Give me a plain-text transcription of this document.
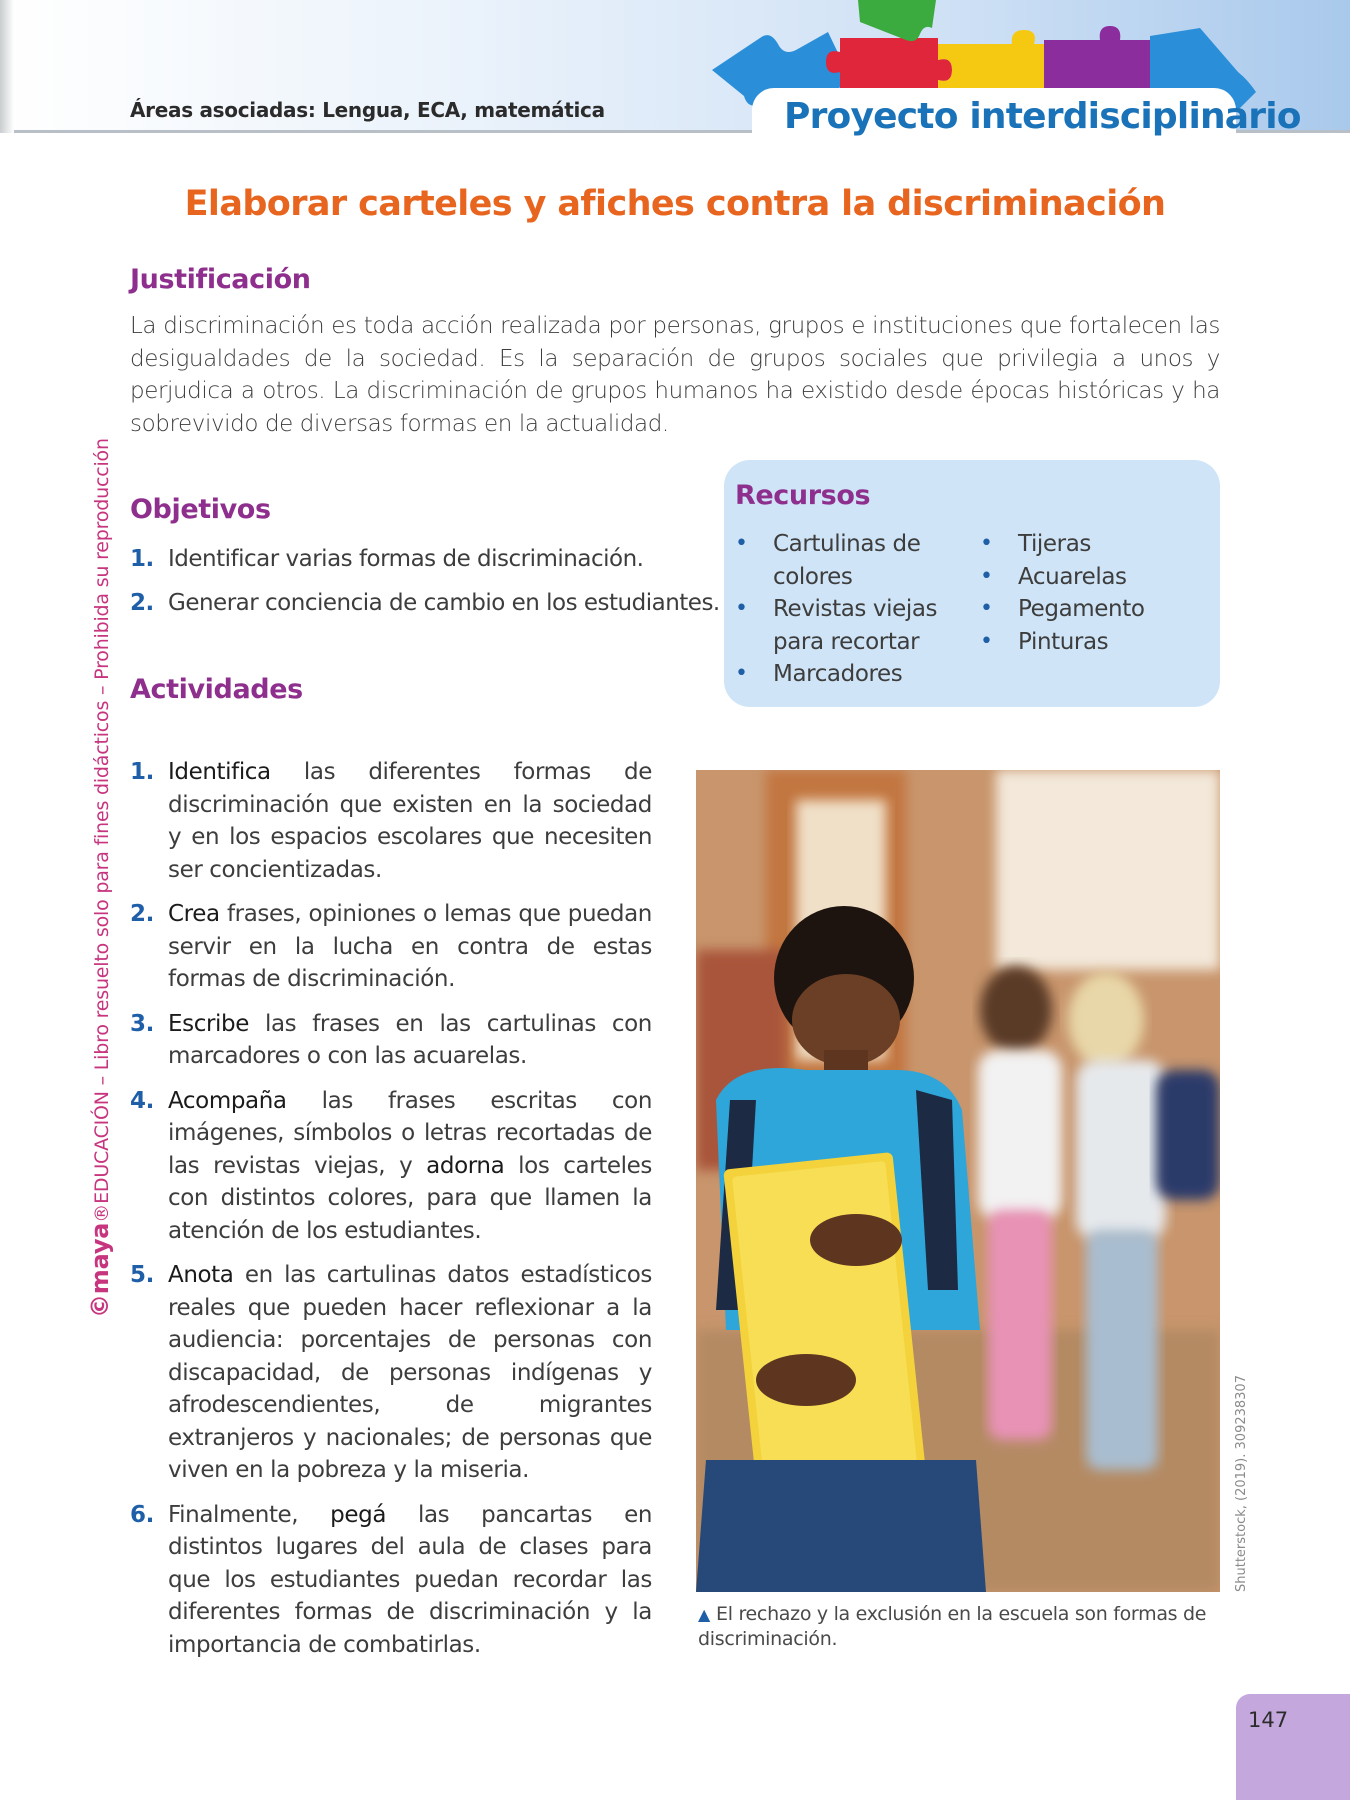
Áreas asociadas: Lengua, ECA, matemática	Proyecto interdisciplinario
©maya®EDUCACIÓN – Libro resuelto solo para fines didácticos – Prohibida su reproducción
Elaborar carteles y afiches contra la discriminación
Justificación
La discriminación es toda acción realizada por personas, grupos e instituciones que fortalecen las desigualdades de la sociedad. Es la separación de grupos sociales que privilegia a unos y perjudica a otros. La discriminación de grupos humanos ha existido desde épocas históricas y ha sobrevivido de diversas formas en la actualidad.
Objetivos
1. Identificar varias formas de discriminación.
2. Generar conciencia de cambio en los estudiantes.
Recursos
• Cartulinas de colores
• Revistas viejas para recortar
• Marcadores
• Tijeras
• Acuarelas
• Pegamento
• Pinturas
Actividades
1. Identifica las diferentes formas de discriminación que existen en la sociedad y en los espacios escolares que necesiten ser concientizadas.
2. Crea frases, opiniones o lemas que puedan servir en la lucha en contra de estas formas de discriminación.
3. Escribe las frases en las cartulinas con marcadores o con las acuarelas.
4. Acompaña las frases escritas con imágenes, símbolos o letras recortadas de las revistas viejas, y adorna los carteles con distintos colores, para que llamen la atención de los estudiantes.
5. Anota en las cartulinas datos estadísticos reales que pueden hacer reflexionar a la audiencia: porcentajes de personas con discapacidad, de personas indígenas y afrodescendientes, de migrantes extranjeros y nacionales; de personas que viven en la pobreza y la miseria.
6. Finalmente, pegá las pancartas en distintos lugares del aula de clases para que los estudiantes puedan recordar las diferentes formas de discriminación y la importancia de combatirlas.
Shutterstock, (2019). 309238307
▲ El rechazo y la exclusión en la escuela son formas de discriminación.
147
